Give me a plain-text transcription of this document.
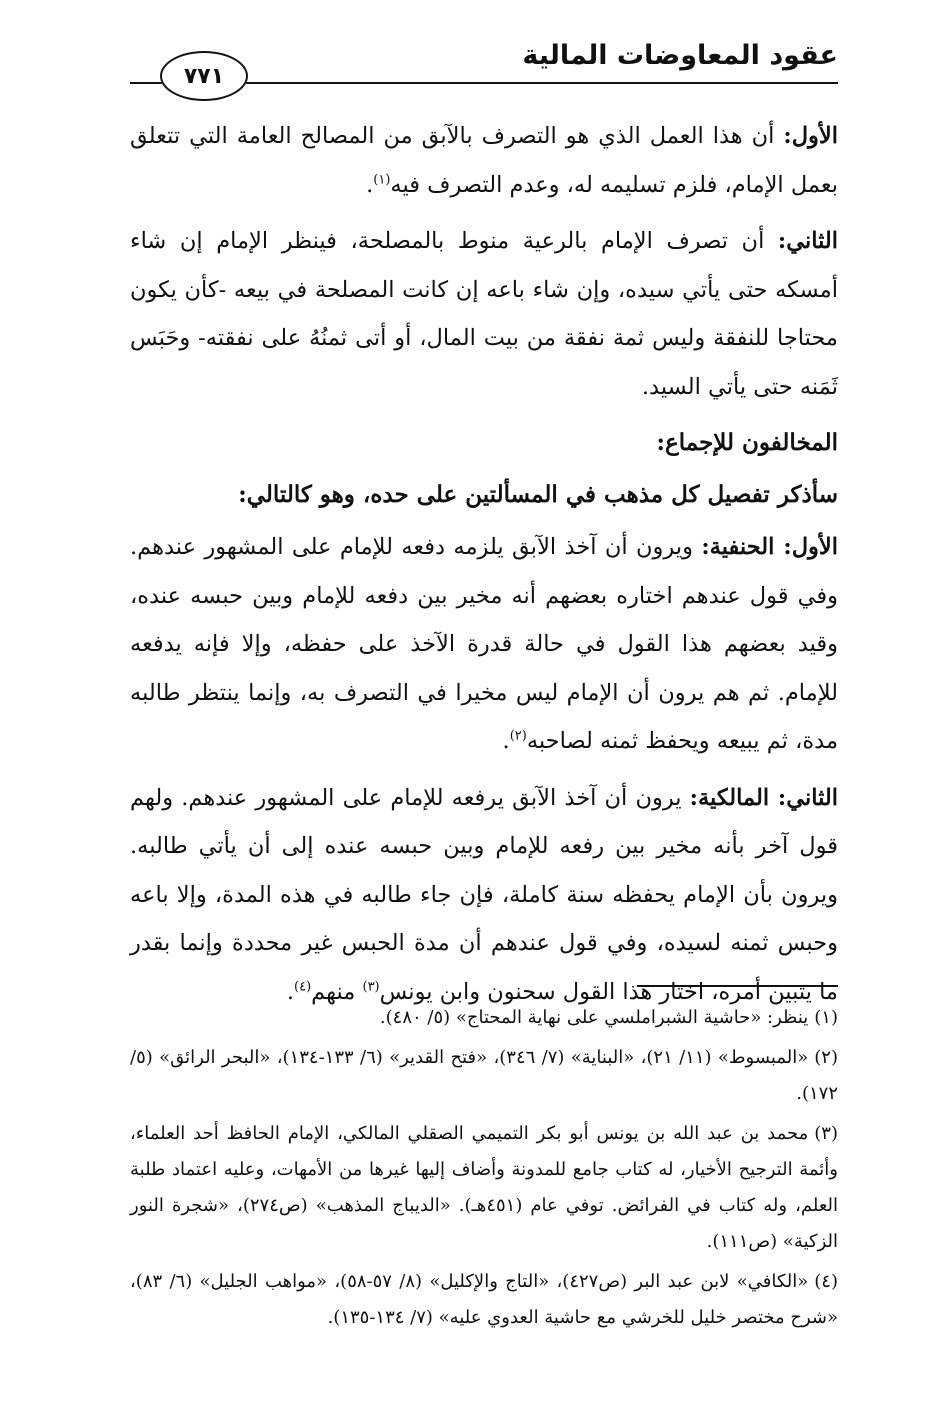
عقود المعاوضات المالية
٧٧١

الأول: أن هذا العمل الذي هو التصرف بالآبق من المصالح العامة التي تتعلق بعمل الإمام، فلزم تسليمه له، وعدم التصرف فيه$^{(١)}$.

الثاني: أن تصرف الإمام بالرعية منوط بالمصلحة، فينظر الإمام إن شاء أمسكه حتى يأتي سيده، وإن شاء باعه إن كانت المصلحة في بيعه -كأن يكون محتاجا للنفقة وليس ثمة نفقة من بيت المال، أو أتى ثمنُهُ على نفقته- وحَبَس ثَمَنه حتى يأتي السيد.

المخالفون للإجماع:

سأذكر تفصيل كل مذهب في المسألتين على حده، وهو كالتالي:

الأول: الحنفية: ويرون أن آخذ الآبق يلزمه دفعه للإمام على المشهور عندهم. وفي قول عندهم اختاره بعضهم أنه مخير بين دفعه للإمام وبين حبسه عنده، وقيد بعضهم هذا القول في حالة قدرة الآخذ على حفظه، وإلا فإنه يدفعه للإمام. ثم هم يرون أن الإمام ليس مخيرا في التصرف به، وإنما ينتظر طالبه مدة، ثم يبيعه ويحفظ ثمنه لصاحبه$^{(٢)}$.

الثاني: المالكية: يرون أن آخذ الآبق يرفعه للإمام على المشهور عندهم. ولهم قول آخر بأنه مخير بين رفعه للإمام وبين حبسه عنده إلى أن يأتي طالبه. ويرون بأن الإمام يحفظه سنة كاملة، فإن جاء طالبه في هذه المدة، وإلا باعه وحبس ثمنه لسيده، وفي قول عندهم أن مدة الحبس غير محددة وإنما بقدر ما يتبين أمره، اختار هذا القول سحنون وابن يونس$^{(٣)}$ منهم$^{(٤)}$.

(١)ينظر: «حاشية الشبراملسي على نهاية المحتاج» (٥/ ٤٨٠).

(٢)«المبسوط» (١١/ ٢١)، «البناية» (٧/ ٣٤٦)، «فتح القدير» (٦/ ١٣٣-١٣٤)، «البحر الرائق» (٥/ ١٧٢).

(٣)محمد بن عبد الله بن يونس أبو بكر التميمي الصقلي المالكي، الإمام الحافظ أحد العلماء، وأئمة الترجيح الأخيار، له كتاب جامع للمدونة وأضاف إليها غيرها من الأمهات، وعليه اعتماد طلبة العلم، وله كتاب في الفرائض. توفي عام (٤٥١هـ). «الديباج المذهب» (ص٢٧٤)، «شجرة النور الزكية» (ص١١١).

(٤)«الكافي» لابن عبد البر (ص٤٢٧)، «التاج والإكليل» (٨/ ٥٧-٥٨)، «مواهب الجليل» (٦/ ٨٣)، «شرح مختصر خليل للخرشي مع حاشية العدوي عليه» (٧/ ١٣٤-١٣٥).
